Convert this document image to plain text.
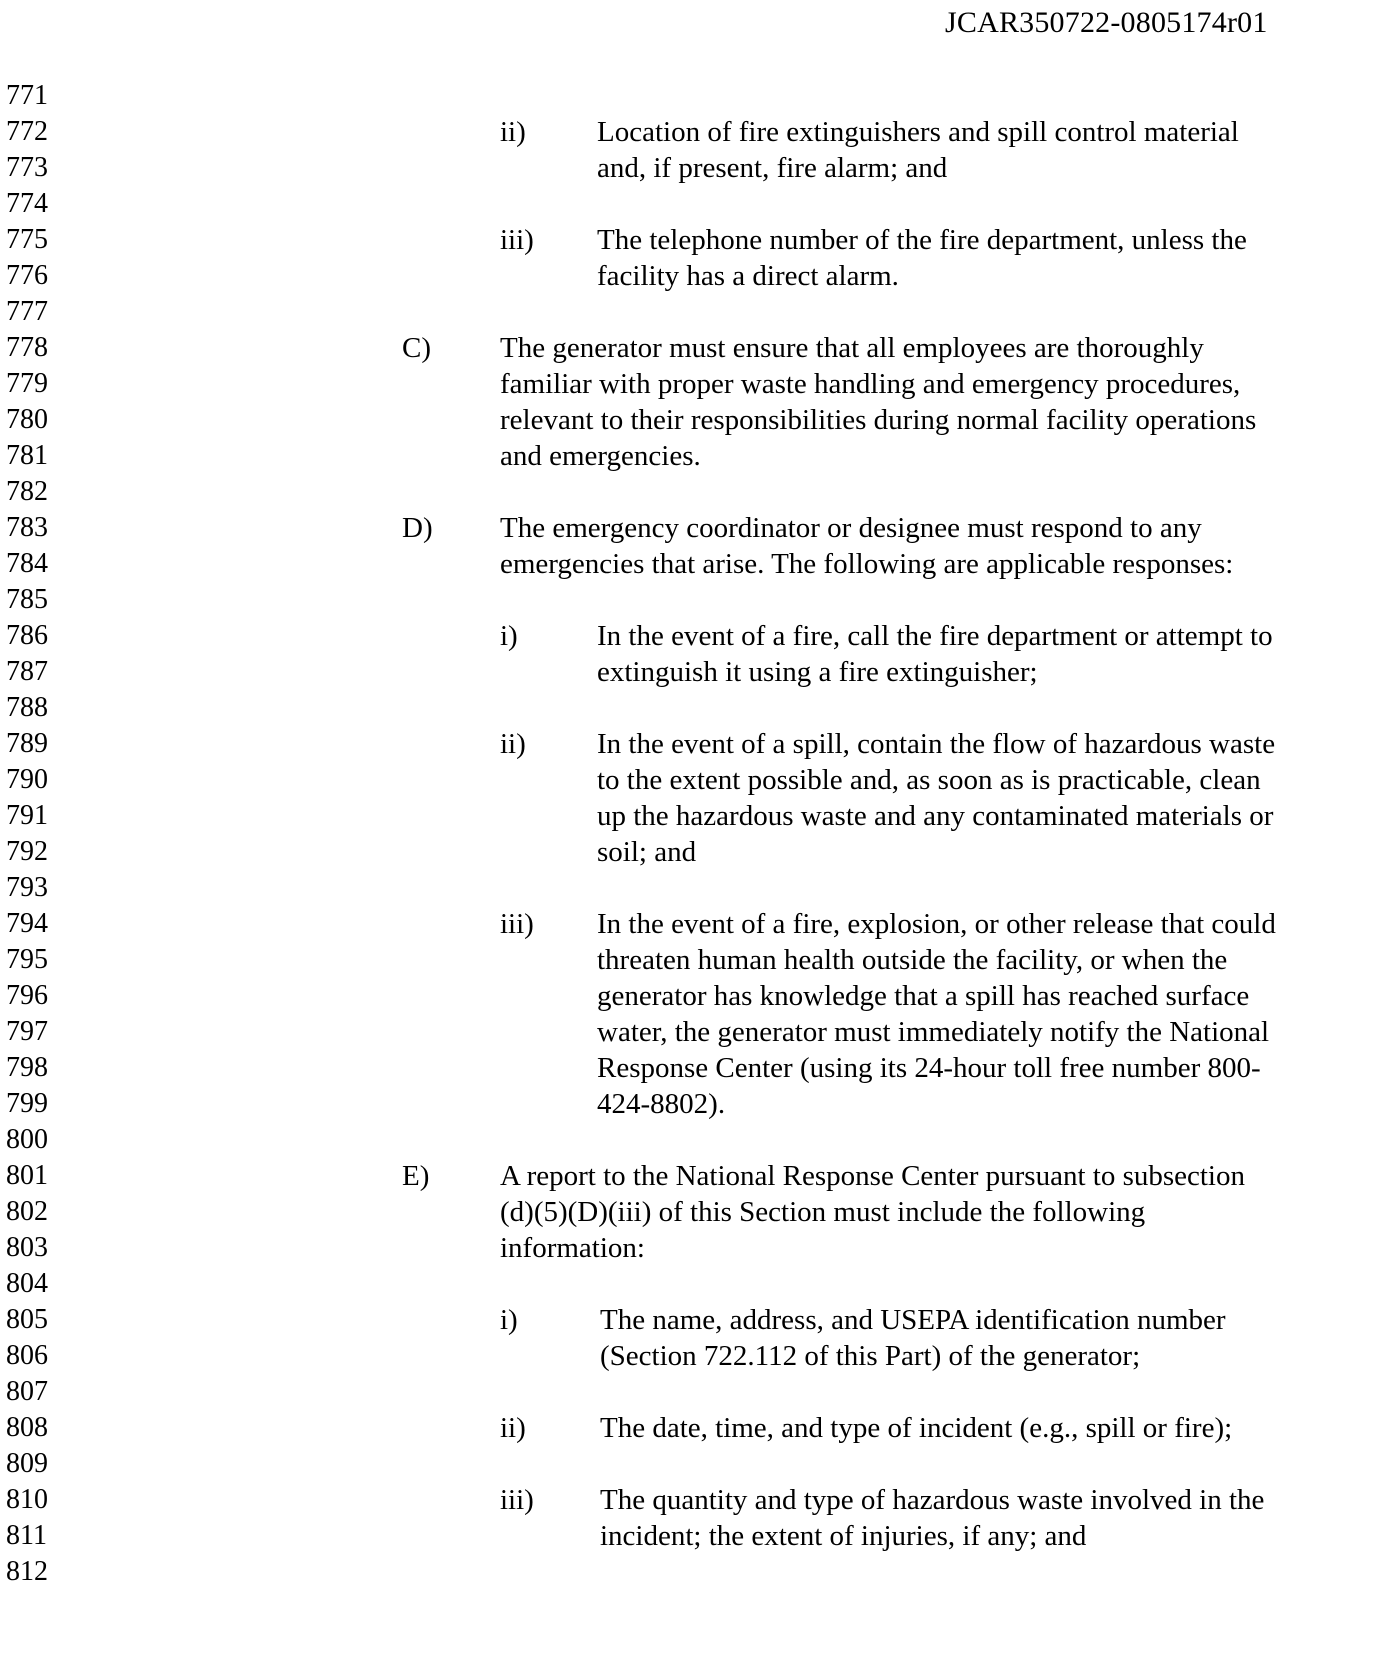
JCAR350722-0805174r01
771
772
773
774
775
776
777
778
779
780
781
782
783
784
785
786
787
788
789
790
791
792
793
794
795
796
797
798
799
800
801
802
803
804
805
806
807
808
809
810
811
812
ii) Location of fire extinguishers and spill control material
and, if present, fire alarm; and
iii) The telephone number of the fire department, unless the
facility has a direct alarm.
C) The generator must ensure that all employees are thoroughly
familiar with proper waste handling and emergency procedures,
relevant to their responsibilities during normal facility operations
and emergencies.
D) The emergency coordinator or designee must respond to any
emergencies that arise. The following are applicable responses:
i)	In the event of a fire, call the fire department or attempt to
extinguish it using a fire extinguisher;
ii) In the event of a spill, contain the flow of hazardous waste
to the extent possible and, as soon as is practicable, clean
up the hazardous waste and any contaminated materials or
soil; and
iii) In the event of a fire, explosion, or other release that could
threaten human health outside the facility, or when the
generator has knowledge that a spill has reached surface
water, the generator must immediately notify the National
Response Center (using its 24-hour toll free number 800-
424-8802).
E) A report to the National Response Center pursuant to subsection
(d)(5)(D)(iii) of this Section must include the following
information:
i)	The name, address, and USEPA identification number
(Section 722.112 of this Part) of the generator;
ii)	The date, time, and type of incident (e.g., spill or fire);
iii) The quantity and type of hazardous waste involved in the
incident; the extent of injuries, if any; and
